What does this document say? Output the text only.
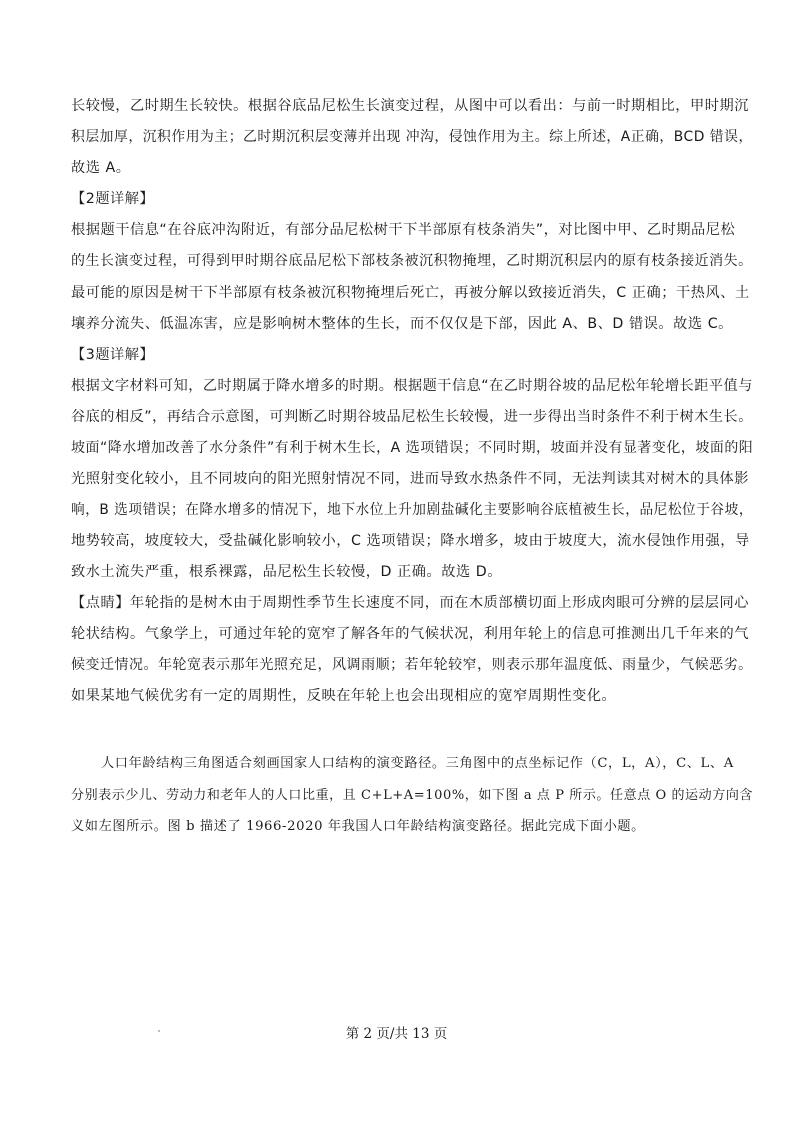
长较慢，乙时期生长较快。根据谷底品尼松生长演变过程，从图中可以看出：与前一时期相比，甲时期沉
积层加厚，沉积作用为主；乙时期沉积层变薄并出现 冲沟，侵蚀作用为主。综上所述，A正确，BCD 错误，
故选 A。
【2题详解】
根据题干信息“在谷底冲沟附近，有部分品尼松树干下半部原有枝条消失”，对比图中甲、乙时期品尼松
的生长演变过程，可得到甲时期谷底品尼松下部枝条被沉积物掩埋，乙时期沉积层内的原有枝条接近消失。
最可能的原因是树干下半部原有枝条被沉积物掩埋后死亡，再被分解以致接近消失，C 正确；干热风、土
壤养分流失、低温冻害，应是影响树木整体的生长，而不仅仅是下部，因此 A、B、D 错误。故选 C。
【3题详解】
根据文字材料可知，乙时期属于降水增多的时期。根据题干信息“在乙时期谷坡的品尼松年轮增长距平值与
谷底的相反”，再结合示意图，可判断乙时期谷坡品尼松生长较慢，进一步得出当时条件不利于树木生长。
坡面“降水增加改善了水分条件”有利于树木生长，A 选项错误；不同时期，坡面并没有显著变化，坡面的阳
光照射变化较小，且不同坡向的阳光照射情况不同，进而导致水热条件不同，无法判读其对树木的具体影
响，B 选项错误；在降水增多的情况下，地下水位上升加剧盐碱化主要影响谷底植被生长，品尼松位于谷坡，
地势较高，坡度较大，受盐碱化影响较小，C 选项错误；降水增多，坡由于坡度大，流水侵蚀作用强，导
致水土流失严重，根系裸露，品尼松生长较慢，D 正确。故选 D。
【点睛】年轮指的是树木由于周期性季节生长速度不同，而在木质部横切面上形成肉眼可分辨的层层同心
轮状结构。气象学上，可通过年轮的宽窄了解各年的气候状况，利用年轮上的信息可推测出几千年来的气
候变迁情况。年轮宽表示那年光照充足，风调雨顺；若年轮较窄，则表示那年温度低、雨量少，气候恶劣。
如果某地气候优劣有一定的周期性，反映在年轮上也会出现相应的宽窄周期性变化。
人口年龄结构三角图适合刻画国家人口结构的演变路径。三角图中的点坐标记作（C，L，A），C、L、A
分别表示少儿、劳动力和老年人的人口比重，且 C+L+A=100%，如下图 a 点 P 所示。任意点 O 的运动方向含
义如左图所示。图 b 描述了 1966-2020 年我国人口年龄结构演变路径。据此完成下面小题。
第 2 页/共 13 页
